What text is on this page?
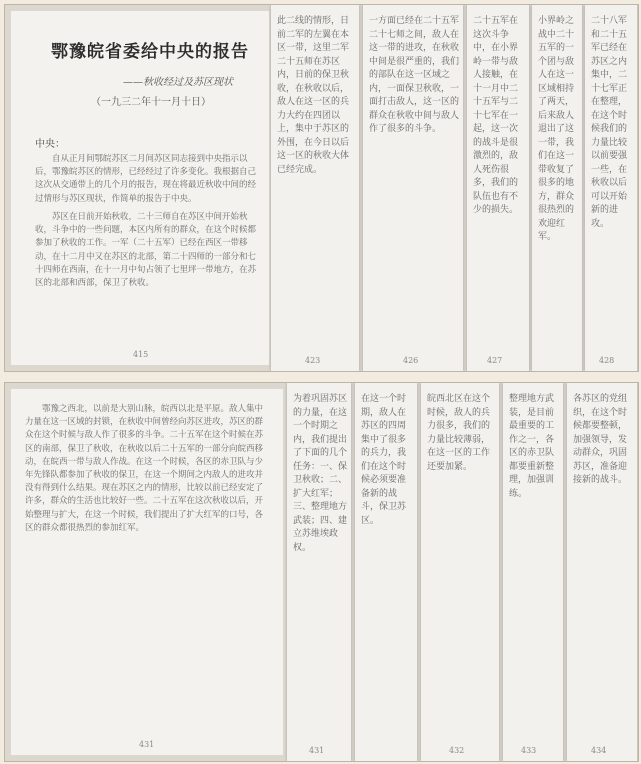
鄂豫皖省委给中央的报告
——秋收经过及苏区现状
（一九三二年十一月十日）
中央：
自从正月间鄂皖苏区二月间苏区同志接到中央指示以后，鄂豫皖苏区的情形，已经经过了许多变化。我根据自己这次从交通带上的几个月的报告，现在将最近秋收中间的经过情形与苏区现状，作简单的报告于中央。
苏区在日前开始秋收，二十三师自在苏区中间开始秋收，斗争中的一些问题，本区内所有的群众，在这个时候都参加了秋收的工作。一军（二十五军）已经在西区一带移动，在十二月中又在苏区的北部，第二十四师的一部分和七十四师在西南，在十一月中旬占领了七里坪一带地方，在苏区的北部和西部，保卫了秋收。
415
此二线的情形，日前二军的左翼在本区一带，这里二军二十五师在苏区内，日前的保卫秋收，在秋收以后，敌人在这一区的兵力大约在四团以上，集中于苏区的外围，在今日以后这一区的秋收大体已经完成。
423
一方面已经在二十五军二十七师之间，敌人在这一带的进攻，在秋收中间是很严重的，我们的部队在这一区域之内，一面保卫秋收，一面打击敌人，这一区的群众在秋收中间与敌人作了很多的斗争。
426
二十五军在这次斗争中，在小界岭一带与敌人接触，在十一月中二十五军与二十七军在一起，这一次的战斗是很激烈的，敌人死伤很多，我们的队伍也有不少的损失。
427
小界岭之战中二十五军的一个团与敌人在这一区域相持了两天，后来敌人退出了这一带，我们在这一带收复了很多的地方，群众很热烈的欢迎红军。
二十八军和二十五军已经在苏区之内集中，二十七军正在整理，在这个时候我们的力量比较以前要强一些，在秋收以后可以开始新的进攻。
428
鄂豫之西北，以前是大别山脉，皖西以北是平原。敌人集中力量在这一区域的封锁，在秋收中间曾经向苏区进攻，苏区的群众在这个时候与敌人作了很多的斗争。二十五军在这个时候在苏区的南部，保卫了秋收，在秋收以后二十五军的一部分向皖西移动，在皖西一带与敌人作战。在这一个时候，各区的赤卫队与少年先锋队都参加了秋收的保卫，在这一个期间之内敌人的进攻并没有得到什么结果。现在苏区之内的情形，比较以前已经安定了许多，群众的生活也比较好一些。二十五军在这次秋收以后，开始整理与扩大，在这一个时候，我们提出了扩大红军的口号，各区的群众都很热烈的参加红军。
431
为着巩固苏区的力量，在这一个时期之内，我们提出了下面的几个任务：一、保卫秋收；二、扩大红军；三、整理地方武装；四、建立苏维埃政权。
431
在这一个时期，敌人在苏区的四周集中了很多的兵力，我们在这个时候必须要准备新的战斗，保卫苏区。
皖西北区在这个时候，敌人的兵力很多，我们的力量比较薄弱，在这一区的工作还要加紧。
432
整理地方武装，是目前最重要的工作之一，各区的赤卫队都要重新整理，加强训练。
433
各苏区的党组织，在这个时候都要整顿，加强领导，发动群众，巩固苏区，准备迎接新的战斗。
434
